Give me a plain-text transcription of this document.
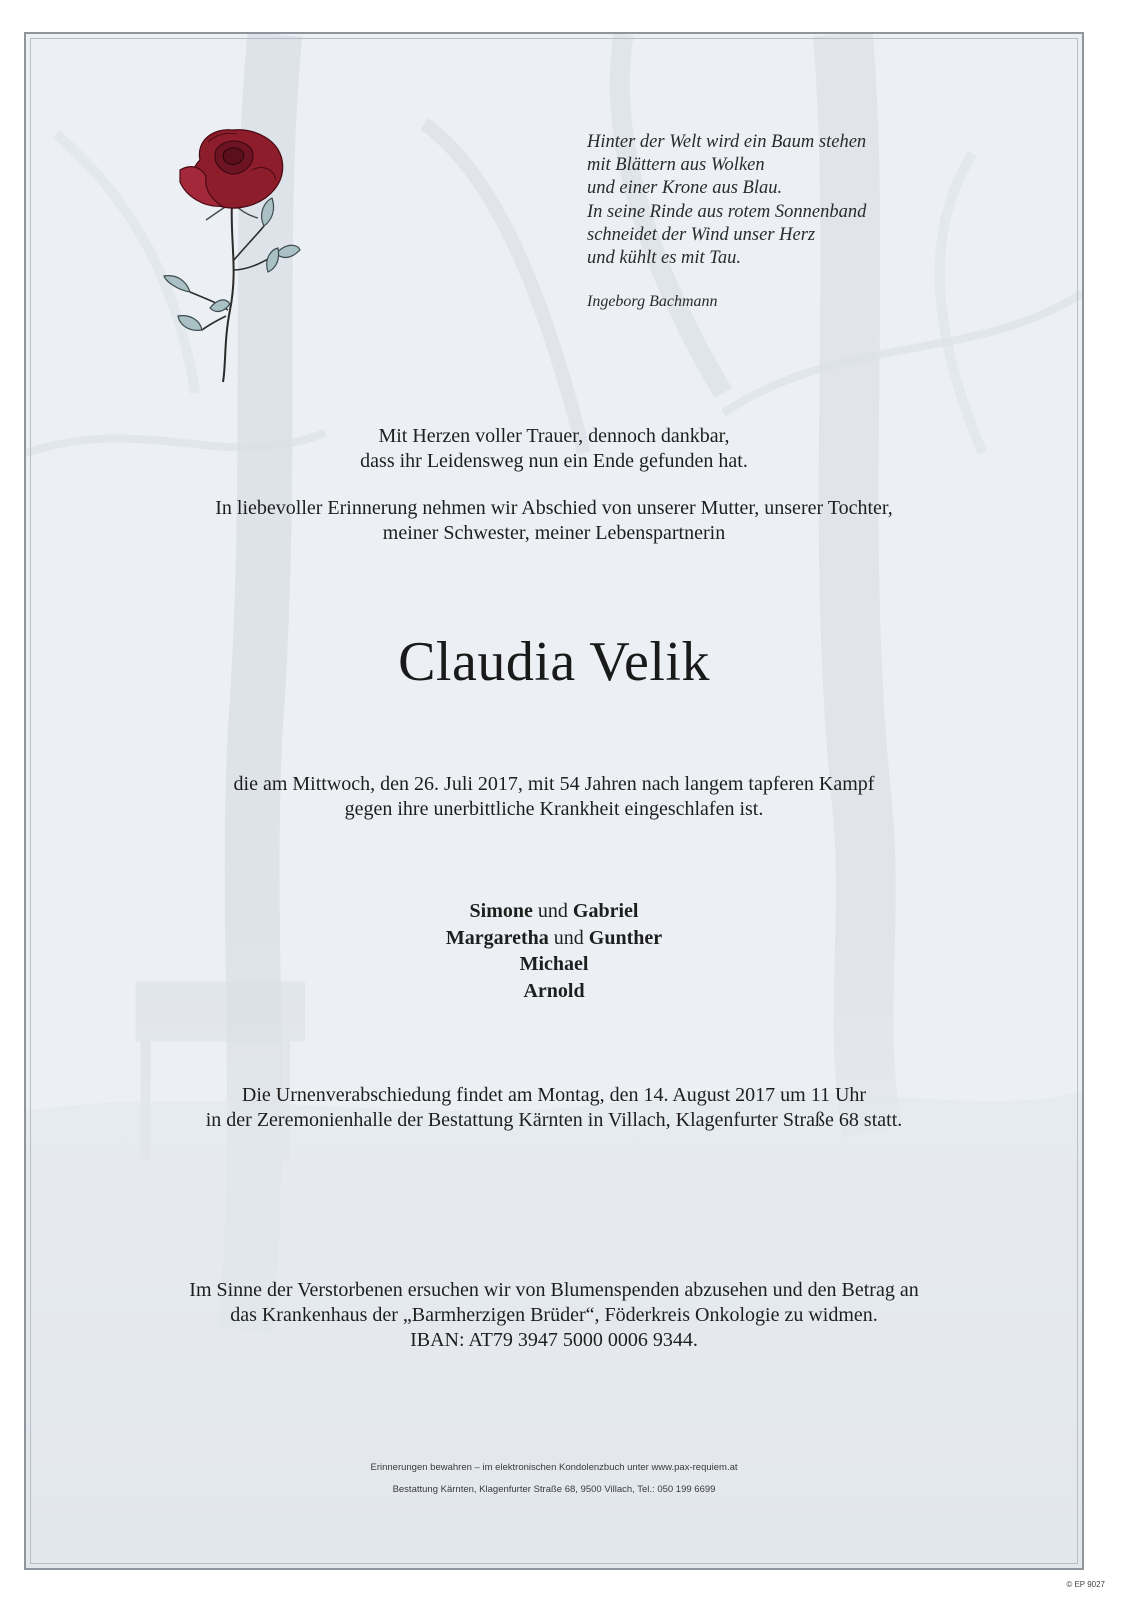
Hinter der Welt wird ein Baum stehen
mit Blättern aus Wolken
und einer Krone aus Blau.
In seine Rinde aus rotem Sonnenband
schneidet der Wind unser Herz
und kühlt es mit Tau.
Ingeborg Bachmann
Mit Herzen voller Trauer, dennoch dankbar,
dass ihr Leidensweg nun ein Ende gefunden hat.
In liebevoller Erinnerung nehmen wir Abschied von unserer Mutter, unserer Tochter,
meiner Schwester, meiner Lebenspartnerin
Claudia Velik
die am Mittwoch, den 26. Juli 2017, mit 54 Jahren nach langem tapferen Kampf
gegen ihre unerbittliche Krankheit eingeschlafen ist.
Simone und Gabriel
Margaretha und Gunther
Michael
Arnold
Die Urnenverabschiedung findet am Montag, den 14. August 2017 um 11 Uhr
in der Zeremonienhalle der Bestattung Kärnten in Villach, Klagenfurter Straße 68 statt.
Im Sinne der Verstorbenen ersuchen wir von Blumenspenden abzusehen und den Betrag an
das Krankenhaus der „Barmherzigen Brüder“, Föderkreis Onkologie zu widmen.
IBAN: AT79 3947 5000 0006 9344.
Erinnerungen bewahren – im elektronischen Kondolenzbuch unter www.pax-requiem.at
Bestattung Kärnten, Klagenfurter Straße 68, 9500 Villach, Tel.: 050 199 6699
© EP 9027
